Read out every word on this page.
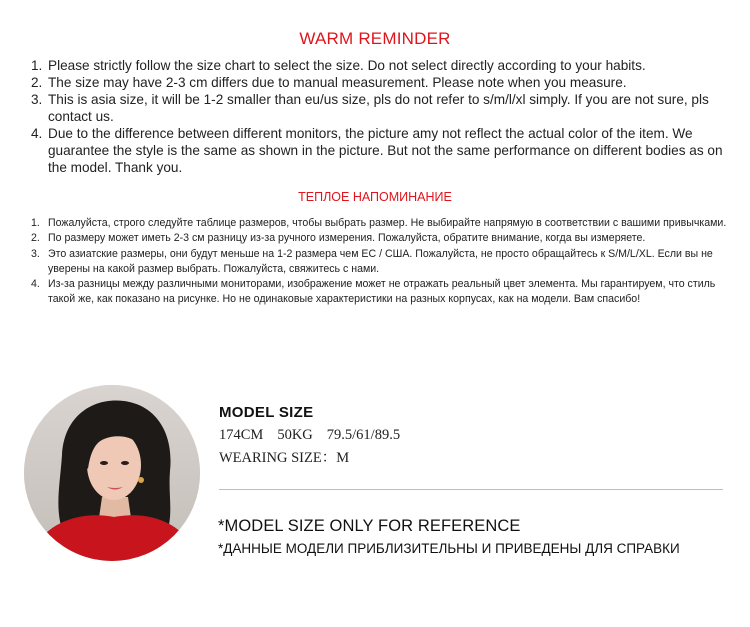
WARM REMINDER
1. Please strictly follow the size chart to select the size. Do not select directly according to your habits.
2. The size may have 2-3 cm differs due to manual measurement. Please note when you measure.
3. This is asia size, it will be 1-2 smaller than eu/us size, pls do not refer to s/m/l/xl simply. If you are not sure, pls contact us.
4. Due to the difference between different monitors, the picture amy not reflect the actual color of the item. We guarantee the style is the same as shown in the picture. But not the same performance on different bodies as on the model. Thank you.
ТЕПЛОЕ НАПОМИНАНИЕ
1. Пожалуйста, строго следуйте таблице размеров, чтобы выбрать размер. Не выбирайте напрямую в соответствии с вашими привычками.
2. По размеру может иметь 2-3 см разницу из-за ручного измерения. Пожалуйста, обратите внимание, когда вы измеряете.
3. Это азиатские размеры, они будут меньше на 1-2 размера чем ЕС / США. Пожалуйста, не просто обращайтесь к S/M/L/XL. Если вы не уверены на какой размер выбрать. Пожалуйста, свяжитесь с нами.
4. Из-за разницы между различными мониторами, изображение может не отражать реальный цвет элемента. Мы гарантируем, что стиль такой же, как показано на рисунке. Но не одинаковые характеристики на разных корпусах, как на модели. Вам спасибо!
MODEL SIZE
174CM 50KG 79.5/61/89.5
WEARING SIZE：M
*MODEL SIZE ONLY FOR REFERENCE
*ДАННЫЕ МОДЕЛИ ПРИБЛИЗИТЕЛЬНЫ И ПРИВЕДЕНЫ ДЛЯ СПРАВКИ
